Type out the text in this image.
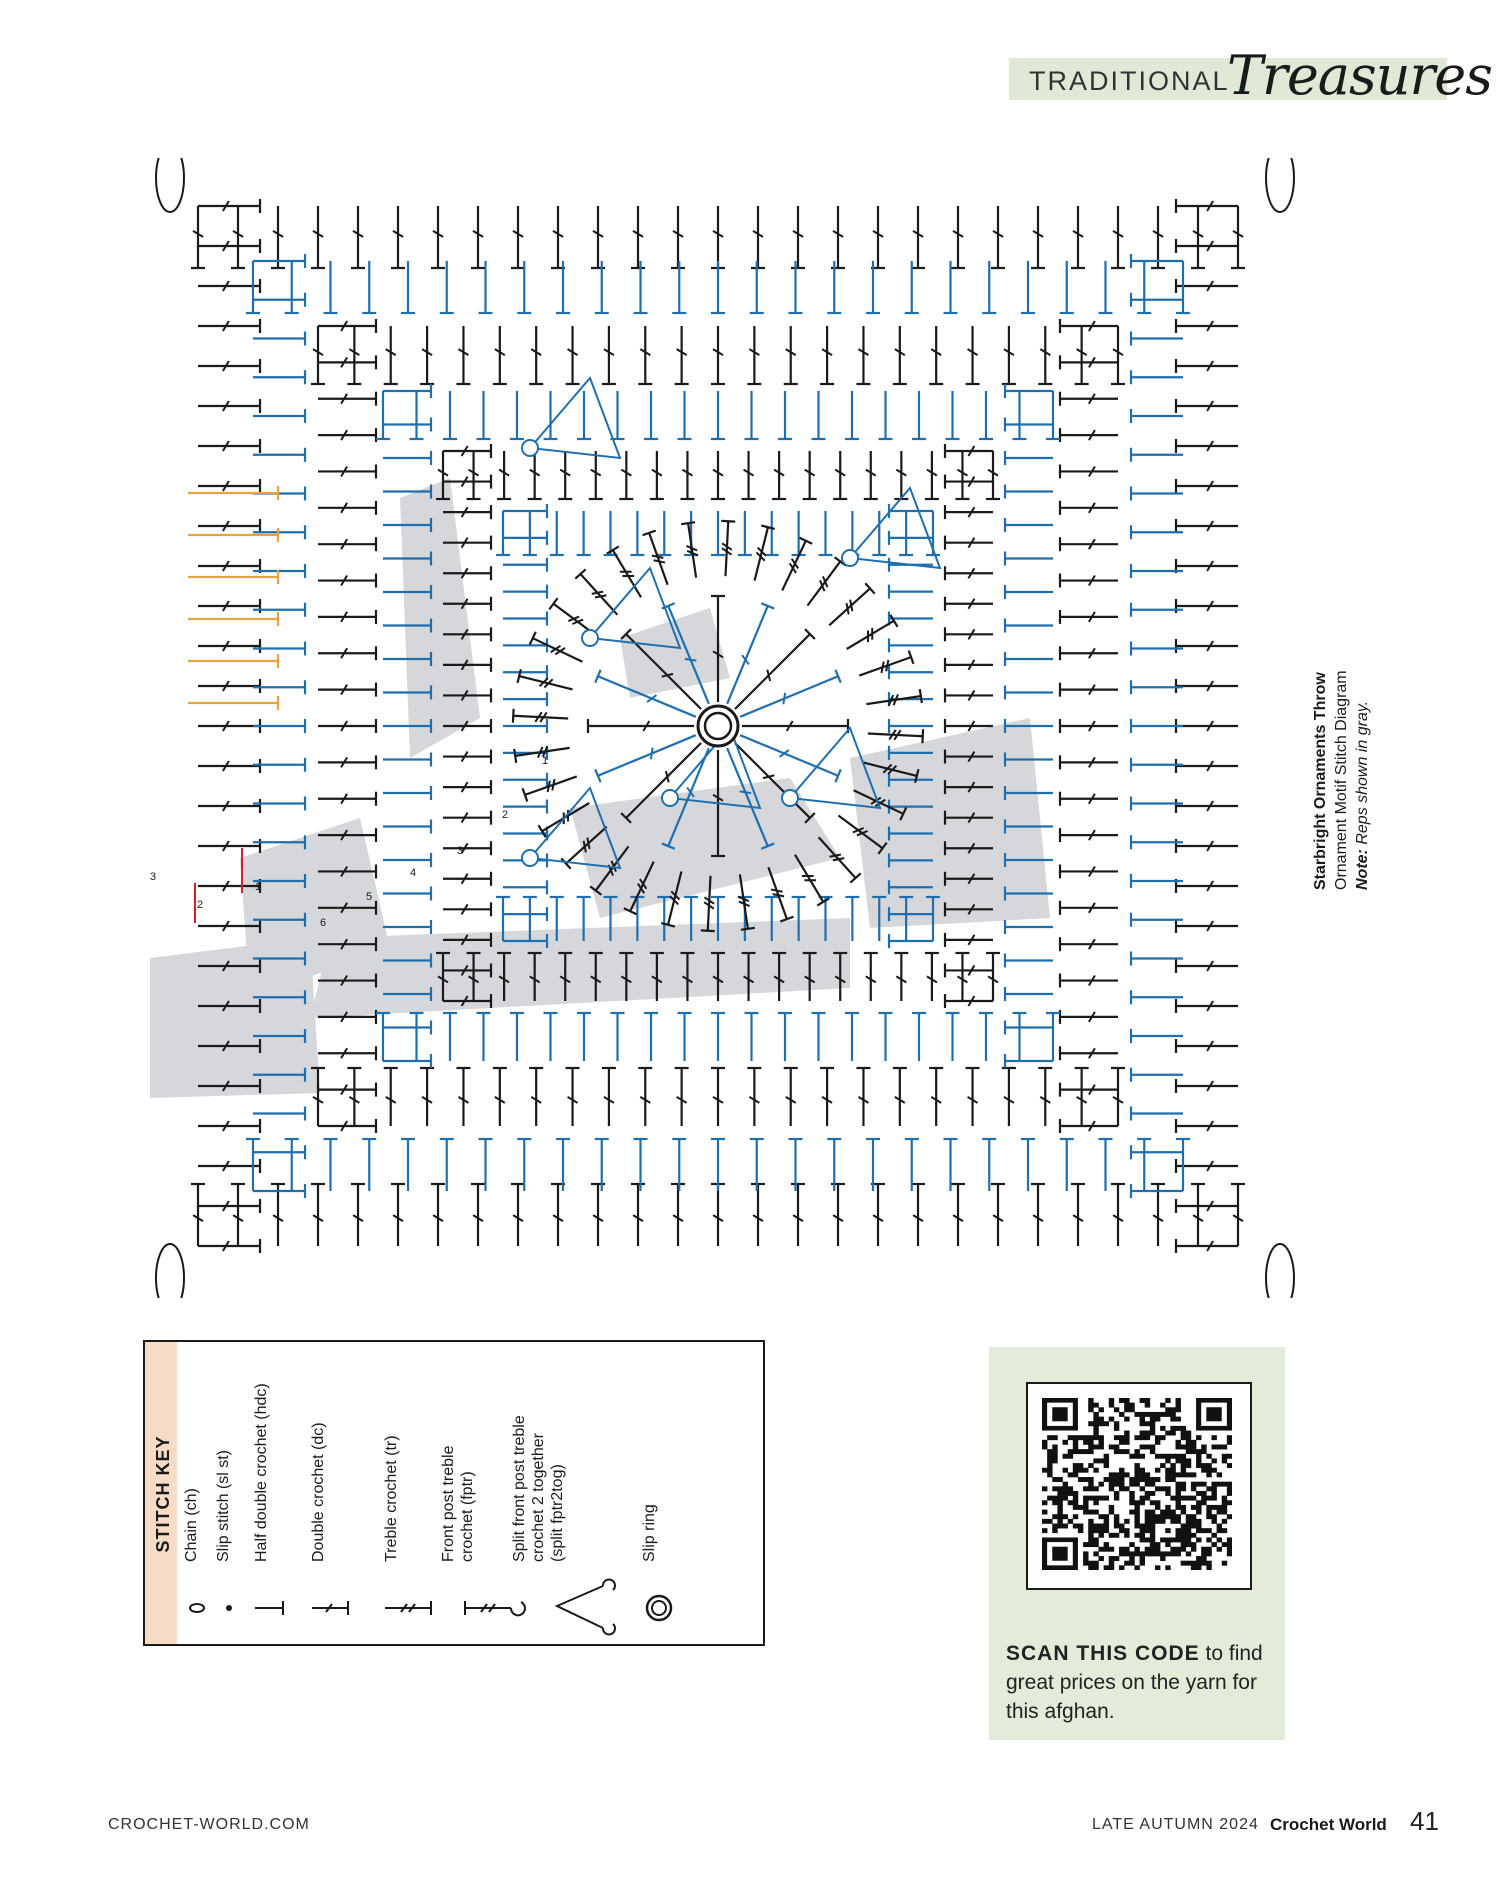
TRADITIONAL
Treasures
1
2
3
4
5
6
1
2
3	Starbright Ornaments Throw Ornament Motif Stitch Diagram Note: Reps shown in gray.
STITCH KEY Chain (ch) Slip stitch (sl st) Half double crochet (hdc)	Double crochet (dc)	Treble crochet (tr)	Front post treble
crochet (fptr)
Split front post treble
crochet 2 together
(split fptr2tog)
Slip ring
SCAN THIS CODE to find great prices on the yarn for this afghan.
CROCHET-WORLD.COM	LATE AUTUMN 2024 Crochet World 41
